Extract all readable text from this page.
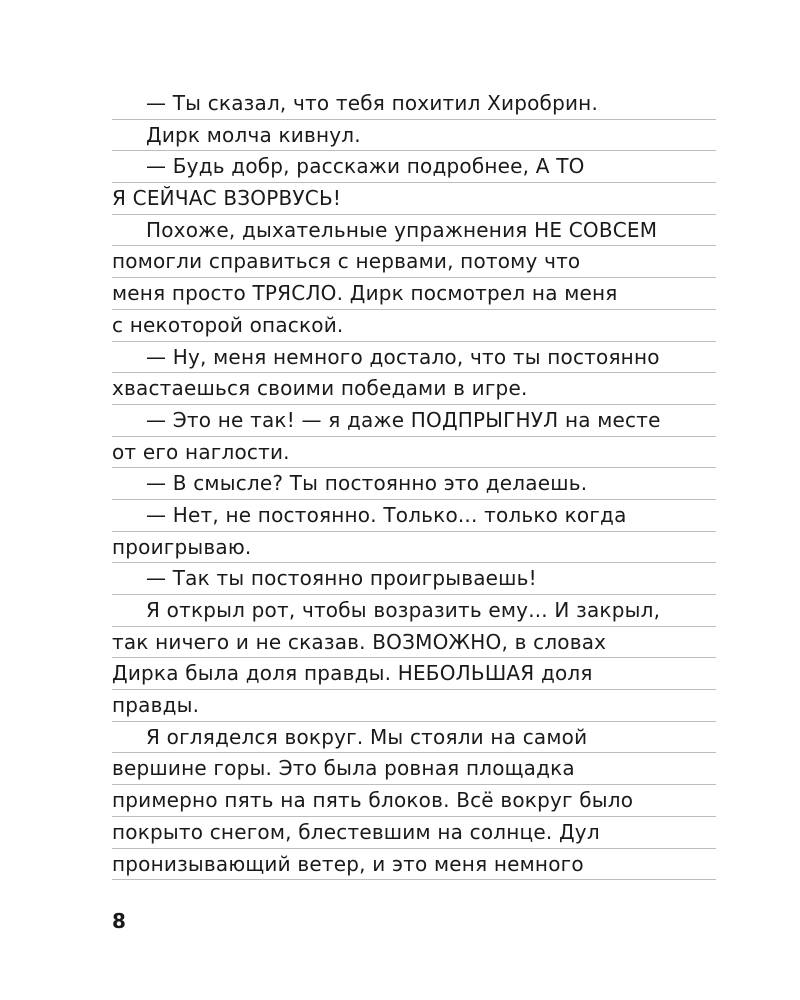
— Ты сказал, что тебя похитил Хиробрин.
Дирк молча кивнул.
— Будь добр, расскажи подробнее, А ТО
Я СЕЙЧАС ВЗОРВУСЬ!
Похоже, дыхательные упражнения НЕ СОВСЕМ
помогли справиться с нервами, потому что
меня просто ТРЯСЛО. Дирк посмотрел на меня
с некоторой опаской.
— Ну, меня немного достало, что ты постоянно
хвастаешься своими победами в игре.
— Это не так! — я даже ПОДПРЫГНУЛ на месте
от его наглости.
— В смысле? Ты постоянно это делаешь.
— Нет, не постоянно. Только... только когда
проигрываю.
— Так ты постоянно проигрываешь!
Я открыл рот, чтобы возразить ему... И закрыл,
так ничего и не сказав. ВОЗМОЖНО, в словах
Дирка была доля правды. НЕБОЛЬШАЯ доля
правды.
Я огляделся вокруг. Мы стояли на самой
вершине горы. Это была ровная площадка
примерно пять на пять блоков. Всё вокруг было
покрыто снегом, блестевшим на солнце. Дул
пронизывающий ветер, и это меня немного
8
